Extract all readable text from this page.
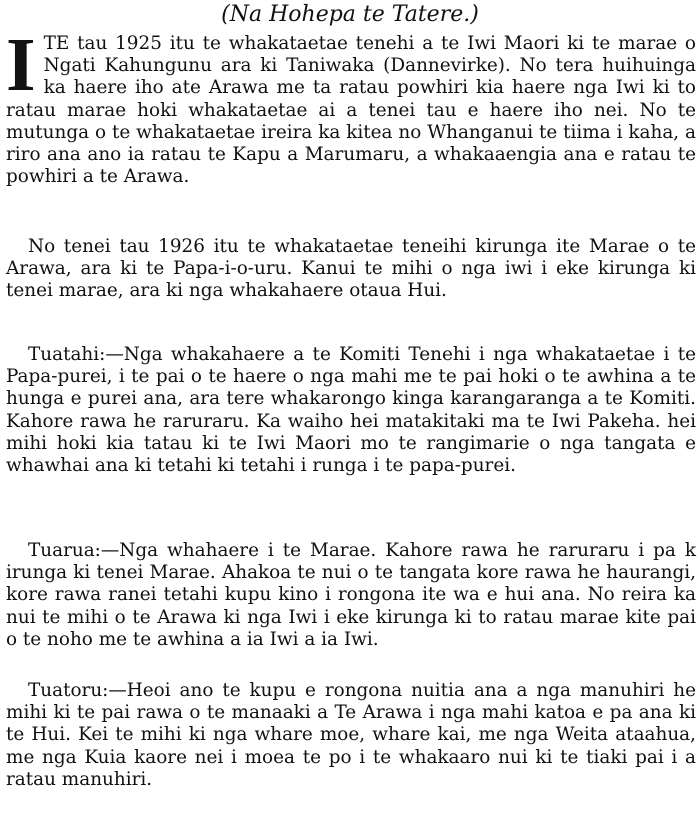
(Na Hohepa te Tatere.)

I TE tau 1925 itu te whakataetae tenehi a te Iwi Maori ki te marae o Ngati Kahungunu ara ki Taniwaka (Dannevirke). No tera huihuinga ka haere iho ate Arawa me ta ratau powhiri kia haere nga Iwi ki to ratau marae hoki whakataetae ai a tenei tau e haere iho nei. No te mutunga o te whakataetae ireira ka kitea no Whanganui te tiima i kaha, a riro ana ano ia ratau te Kapu a Marumaru, a whakaaengia ana e ratau te powhiri a te Arawa.

No tenei tau 1926 itu te whakataetae teneihi kirunga ite Marae o te Arawa, ara ki te Papa-i-o-uru. Kanui te mihi o nga iwi i eke kirunga ki tenei marae, ara ki nga whakahaere otaua Hui.

Tuatahi:—Nga whakahaere a te Komiti Tenehi i nga whakataetae i te Papa-purei, i te pai o te haere o nga mahi me te pai hoki o te awhina a te hunga e purei ana, ara tere whakarongo kinga karangaranga a te Komiti. Kahore rawa he raruraru. Ka waiho hei matakitaki ma te Iwi Pakeha. hei mihi hoki kia tatau ki te Iwi Maori mo te rangimarie o nga tangata e whawhai ana ki tetahi ki tetahi i runga i te papa-purei.

Tuarua:—Nga whahaere i te Marae. Kahore rawa he raruraru i pa k irunga ki tenei Marae. Ahakoa te nui o te tangata kore rawa he haurangi, kore rawa ranei tetahi kupu kino i rongona ite wa e hui ana. No reira ka nui te mihi o te Arawa ki nga Iwi i eke kirunga ki to ratau marae kite pai o te noho me te awhina a ia Iwi a ia Iwi.

Tuatoru:—Heoi ano te kupu e rongona nuitia ana a nga manuhiri he mihi ki te pai rawa o te manaaki a Te Arawa i nga mahi katoa e pa ana ki te Hui. Kei te mihi ki nga whare moe, whare kai, me nga Weita ataahua, me nga Kuia kaore nei i moea te po i te whakaaro nui ki te tiaki pai i a ratau manuhiri.
